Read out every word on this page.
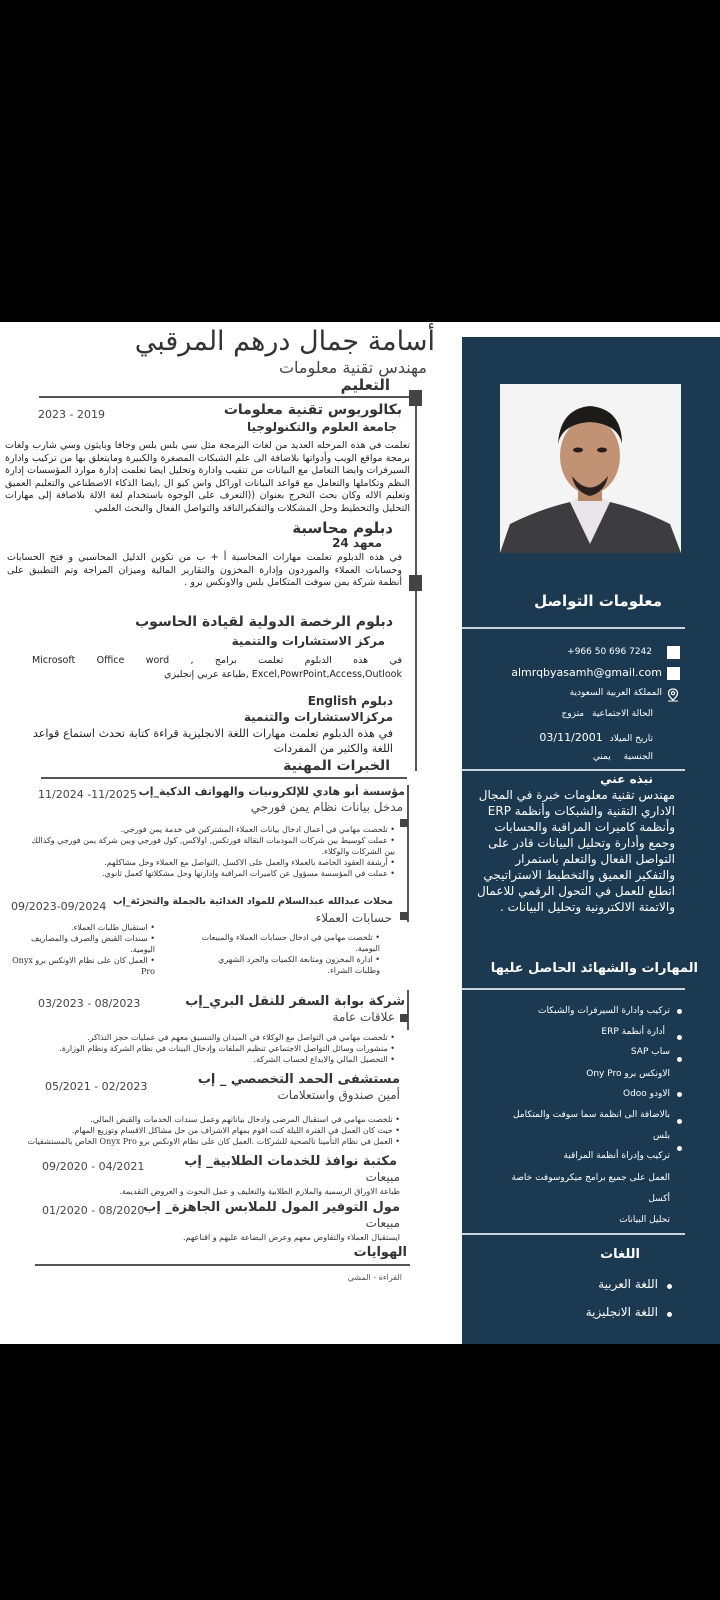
أسامة جمال درهم المرقبي
مهندس تقنية معلومات
التعليم
بكالوريوس تقنية معلومات
جامعة العلوم والتكنولوجيا
2023 - 2019
تعلمت في هذه المرحله العديد من لغات البرمجة مثل سي بلس بلس وجافا وبايثون وسي شارب ولغات برمجة مواقع الويب وأدواتها بلاضافة الى علم الشبكات المصغرة والكبيرة ومايتعلق بها من تركيب وادارة السيرفرات وايضا التعامل مع البيانات من تنقيب وادارة وتحليل ايضا تعلمت إدارة موارد المؤسسات إدارة النظم وتكاملها والتعامل مع قواعد البيانات اوراكل واس كيو ال ,ايضا الذكاء الاصطناعي والتعليم العميق وتعليم الاله وكان بحث التخرج بعنوان ((التعرف على الوجوه باستخدام لغة الالة بلاضافة إلى مهارات التحليل والتخطيط وحل المشكلات والتفكيرالناقد والتواصل الفعال والبحث العلمي
دبلوم محاسبة
معهد 24
في هذه الدبلوم تعلمت مهارات المحاسبة أ + ب من تكوين الدليل المحاسبي و فتح الحسابات وحسابات العملاء والموردون وإدارة المخزون والتقارير المالية وميزان المراجة وتم التطبيق على أنظمة شركة يمن سوفت المتكامل بلس والاونكس برو .
دبلوم الرخصة الدولية لقيادة الحاسوب
مركز الاستشارات والتنمية
في هذه الدبلوم تعلمت برامج Microsoft Office word , Excel,PowrPoint,Access,Outlook ,طباعة عربي إنجليزي
دبلوم English
مركزالاستشارات والتنمية
في هذه الدبلوم تعلمت مهارات اللغة الانجليزية قراءة كتابة تحدث استماع قواعد اللغة والكثير من المفردات
الخبرات المهنية
مؤسسة أبو هادي للإلكرونيات والهواتف الذكية_إب
مدخل بيانات نظام يمن فورجي
11/2024 -11/2025
• تلخصت مهامي في أعمال ادخال بيانات العملاء المشتركين في خدمة يمن فورجي.
• عملت كوسيط بين شركات المودمات النقالة فورتكس, اولاكس, كول فورجي وبين شركة يمن فورجي وكذالك بين الشركات والوكلاء.
• أرشفة العقود الخاصة بالعملاء والعمل على الاكسل ,التواصل مع العملاء وحل مشاكلهم.
• عملت في المؤسسة مسؤول عن كاميرات المراقبة وإدارتها وحل مشكلاتها كعمل ثانوي.
محلات عبدالله عبدالسلام للمواد الغذائية بالجملة والتجزئة_إب
حسابات العملاء
09/2023-09/2024
• تلخصت مهامي في ادخال حسابات العملاء والمبيعات اليومية.
• ادارة المخزون ومتابعة الكميات والجرد الشهري وطلبات الشراء.
• استقبال طلبات العملاء.
• سندات القبض والصرف والمصاريف اليومية.
• العمل كان على نظام الاونكس برو Onyx Pro
شركة بوابة السفر للنقل البري_إب
علاقات عامة
03/2023 - 08/2023
• تلخصت مهامي في التواصل مع الوكلاء في الميدان والتنسيق معهم في عمليات حجز التذاكر.
• منشورات وسائل التواصل الاجتماعي تنظيم الملفات وإدخال البينات في نظام الشركة ونظام الوزارة.
• التحصيل المالي والايداع لحساب الشركة.
مستشفى الحمد التخصصي _ إب
أمين صندوق واستعلامات
05/2021 - 02/2023
• تلخصت مهامي في استقبال المرضى وادخال بياناتهم وعمل سندات الخدمات والقبض المالي.
• حيث كان العمل في الفترة الليلة كنت اقوم بمهام الاشراف من حل مشاكل الاقسام وتوزيع المهام.
• العمل في نظام التأمينا تالصحية للشركات .العمل كان على نظام الاونكس برو Onyx Pro الخاص بالمستشفيات
مكتبة نوافذ للخدمات الطلابية_ إب
مبيعات
09/2020 - 04/2021
طباعة الاوراق الرسمية والملازم الطلابية والتغليف و عمل البحوث و العروض التقديمة.
مول التوفير المول للملابس الجاهزة_ إب
مبيعات
01/2020 - 08/2020
ايستقبال العملاء والتفاوض معهم وعرض البضاعة عليهم و اقناعهم.
الهوايات
القراءة - المشي
معلومات التواصل
+966 50 696 7242
almrqbyasamh@gmail.com
المملكة العربية السعودية
الحالة الاجتماعية متزوج
تاريخ الميلاد 03/11/2001
الجنسية يمني
نبذه عني
مهندس تقنية معلومات خبرة في المجال الاداري التقنية والشبكات وأنظمة ERP وأنظمة كاميرات المراقبة والحسابات وجمع وأدارة وتحليل البيانات قادر على التواصل الفعال والتعلم باستمرار والتفكير العميق والتخطيط الاستراتيجي
اتطلع للعمل في التحول الرقمي للاعمال والاتمتة الالكترونية وتحليل البيانات .
المهارات والشهائد الحاصل عليها
تركيب وادارة السيرفرات والشبكات
أدارة أنظمة ERP
ساب SAP
الاونكس برو Ony Pro
الاودو Odoo
بالاضافة الى انظمة سما سوفت والمتكامل
بلس
تركيب وإدراة أنظمة المراقبة
العمل على جميع برامج ميكروسوفت خاصة
أكسل
تحليل البيانات
اللغات
اللغة العربية
اللغة الانجليزية
